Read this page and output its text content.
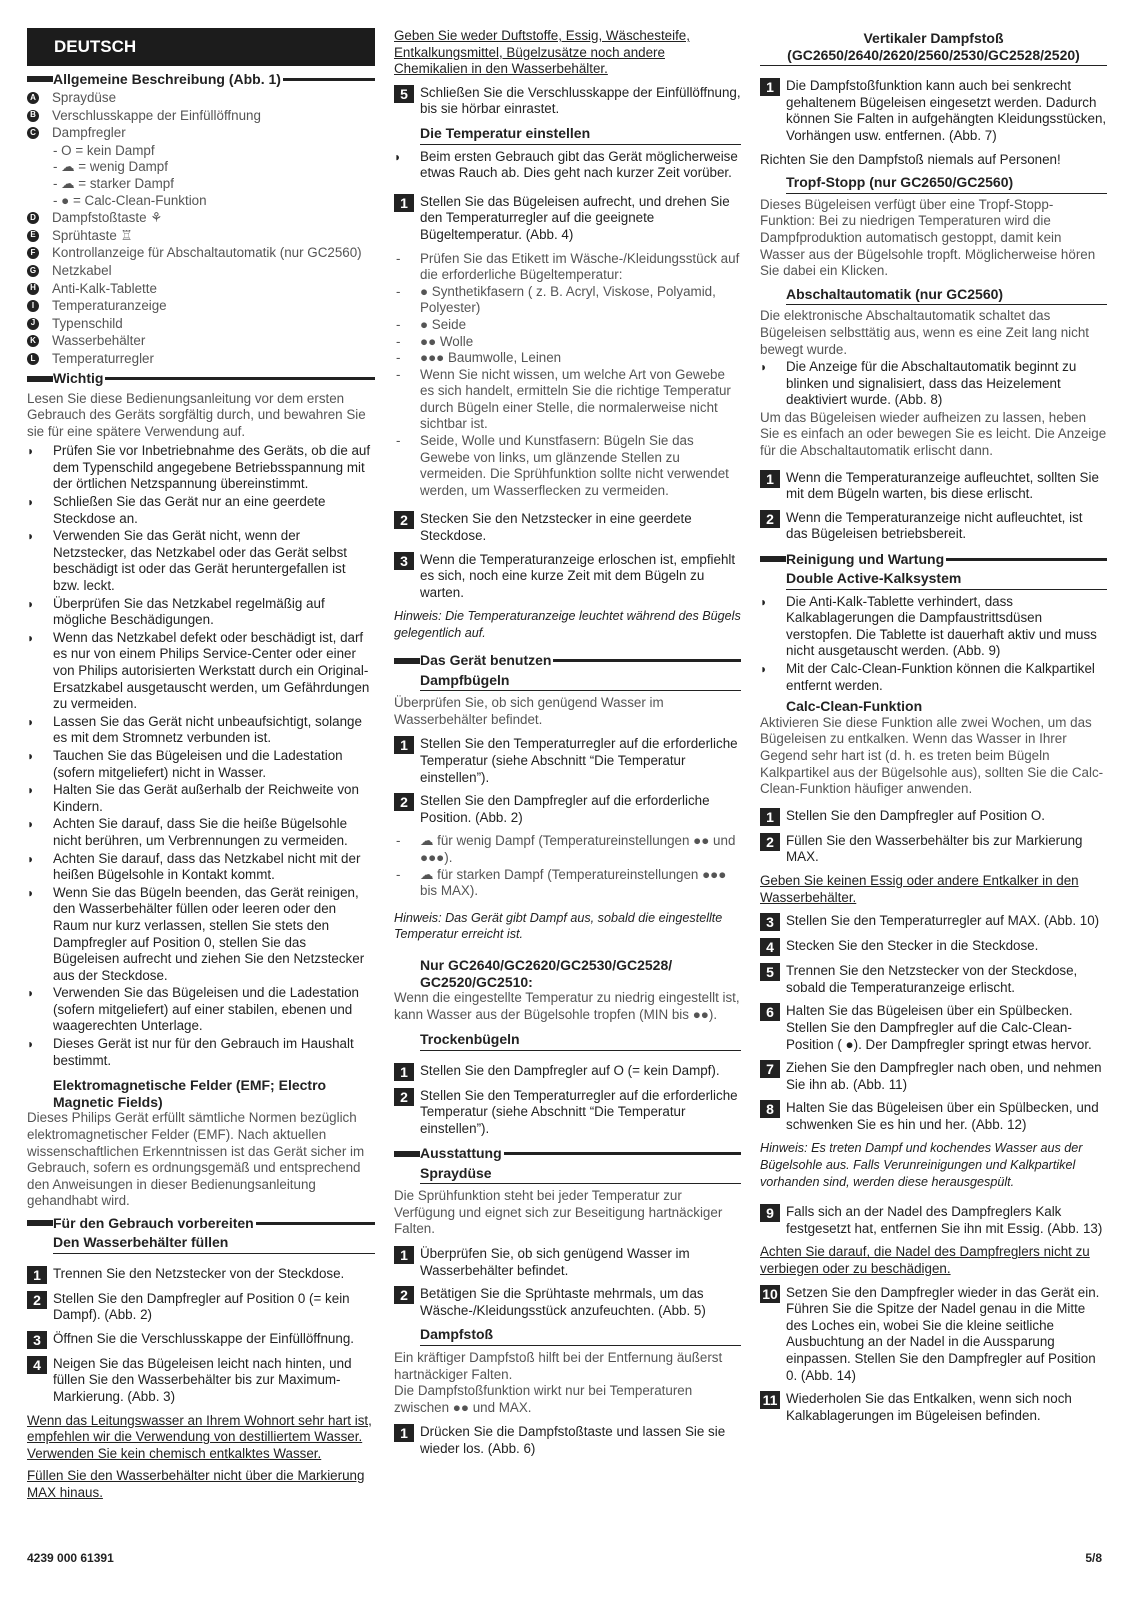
DEUTSCH
Allgemeine Beschreibung (Abb. 1)
A Spraydüse
B Verschlusskappe der Einfüllöffnung
C Dampfregler
- O = kein Dampf
- ☁ = wenig Dampf
- ☁ = starker Dampf
- ● = Calc-Clean-Funktion
D Dampfstoßtaste ⚘
E Sprühtaste ♖
F Kontrollanzeige für Abschaltautomatik (nur GC2560)
G Netzkabel
H Anti-Kalk-Tablette
I	Temperaturanzeige
J Typenschild
K Wasserbehälter
L Temperaturregler
Wichtig
Lesen Sie diese Bedienungsanleitung vor dem ersten Gebrauch des Geräts sorgfältig durch, und bewahren Sie sie für eine spätere Verwendung auf.
◗	Prüfen Sie vor Inbetriebnahme des Geräts, ob die auf dem Typenschild angegebene Betriebsspannung mit der örtlichen Netzspannung übereinstimmt.
◗	Schließen Sie das Gerät nur an eine geerdete Steckdose an.
◗	Verwenden Sie das Gerät nicht, wenn der Netzstecker, das Netzkabel oder das Gerät selbst beschädigt ist oder das Gerät heruntergefallen ist bzw. leckt.
◗	Überprüfen Sie das Netzkabel regelmäßig auf mögliche Beschädigungen.
◗	Wenn das Netzkabel defekt oder beschädigt ist, darf es nur von einem Philips Service-Center oder einer von Philips autorisierten Werkstatt durch ein Original-Ersatzkabel ausgetauscht werden, um Gefährdungen zu vermeiden.
◗	Lassen Sie das Gerät nicht unbeaufsichtigt, solange es mit dem Stromnetz verbunden ist.
◗	Tauchen Sie das Bügeleisen und die Ladestation (sofern mitgeliefert) nicht in Wasser.
◗	Halten Sie das Gerät außerhalb der Reichweite von Kindern.
◗	Achten Sie darauf, dass Sie die heiße Bügelsohle nicht berühren, um Verbrennungen zu vermeiden.
◗	Achten Sie darauf, dass das Netzkabel nicht mit der heißen Bügelsohle in Kontakt kommt.
◗	Wenn Sie das Bügeln beenden, das Gerät reinigen, den Wasserbehälter füllen oder leeren oder den Raum nur kurz verlassen, stellen Sie stets den Dampfregler auf Position 0, stellen Sie das Bügeleisen aufrecht und ziehen Sie den Netzstecker aus der Steckdose.
◗	Verwenden Sie das Bügeleisen und die Ladestation (sofern mitgeliefert) auf einer stabilen, ebenen und waagerechten Unterlage.
◗	Dieses Gerät ist nur für den Gebrauch im Haushalt bestimmt.
Elektromagnetische Felder (EMF; Electro Magnetic Fields)
Dieses Philips Gerät erfüllt sämtliche Normen bezüglich elektromagnetischer Felder (EMF). Nach aktuellen wissenschaftlichen Erkenntnissen ist das Gerät sicher im Gebrauch, sofern es ordnungsgemäß und entsprechend den Anweisungen in dieser Bedienungsanleitung gehandhabt wird.
Für den Gebrauch vorbereiten
Den Wasserbehälter füllen
1 Trennen Sie den Netzstecker von der Steckdose.
2 Stellen Sie den Dampfregler auf Position 0 (= kein Dampf). (Abb. 2)
3 Öffnen Sie die Verschlusskappe der Einfüllöffnung.
4 Neigen Sie das Bügeleisen leicht nach hinten, und füllen Sie den Wasserbehälter bis zur Maximum-Markierung. (Abb. 3)
Wenn das Leitungswasser an Ihrem Wohnort sehr hart ist, empfehlen wir die Verwendung von destilliertem Wasser. Verwenden Sie kein chemisch entkalktes Wasser.
Füllen Sie den Wasserbehälter nicht über die Markierung MAX hinaus.
Geben Sie weder Duftstoffe, Essig, Wäschesteife, Entkalkungsmittel, Bügelzusätze noch andere Chemikalien in den Wasserbehälter.
5 Schließen Sie die Verschlusskappe der Einfüllöffnung, bis sie hörbar einrastet.
Die Temperatur einstellen
◗	Beim ersten Gebrauch gibt das Gerät möglicherweise etwas Rauch ab. Dies geht nach kurzer Zeit vorüber.
1 Stellen Sie das Bügeleisen aufrecht, und drehen Sie den Temperaturregler auf die geeignete Bügeltemperatur. (Abb. 4)
-	Prüfen Sie das Etikett im Wäsche-/Kleidungsstück auf die erforderliche Bügeltemperatur:
-	● Synthetikfasern ( z. B. Acryl, Viskose, Polyamid, Polyester)
-	● Seide
-	●● Wolle
-	●●● Baumwolle, Leinen
-	Wenn Sie nicht wissen, um welche Art von Gewebe es sich handelt, ermitteln Sie die richtige Temperatur durch Bügeln einer Stelle, die normalerweise nicht sichtbar ist.
-	Seide, Wolle und Kunstfasern: Bügeln Sie das Gewebe von links, um glänzende Stellen zu vermeiden. Die Sprühfunktion sollte nicht verwendet werden, um Wasserflecken zu vermeiden.
2 Stecken Sie den Netzstecker in eine geerdete Steckdose.
3 Wenn die Temperaturanzeige erloschen ist, empfiehlt es sich, noch eine kurze Zeit mit dem Bügeln zu warten.
Hinweis: Die Temperaturanzeige leuchtet während des Bügels gelegentlich auf.
Das Gerät benutzen
Dampfbügeln
Überprüfen Sie, ob sich genügend Wasser im Wasserbehälter befindet.
1 Stellen Sie den Temperaturregler auf die erforderliche Temperatur (siehe Abschnitt “Die Temperatur einstellen”).
2 Stellen Sie den Dampfregler auf die erforderliche Position. (Abb. 2)
-	☁ für wenig Dampf (Temperatureinstellungen ●● und ●●●).
-	☁ für starken Dampf (Temperatureinstellungen ●●● bis MAX).
Hinweis: Das Gerät gibt Dampf aus, sobald die eingestellte Temperatur erreicht ist.
Nur GC2640/GC2620/GC2530/GC2528/ GC2520/GC2510:
Wenn die eingestellte Temperatur zu niedrig eingestellt ist, kann Wasser aus der Bügelsohle tropfen (MIN bis ●●).
Trockenbügeln
1 Stellen Sie den Dampfregler auf O (= kein Dampf).
2 Stellen Sie den Temperaturregler auf die erforderliche Temperatur (siehe Abschnitt “Die Temperatur einstellen”).
Ausstattung
Spraydüse
Die Sprühfunktion steht bei jeder Temperatur zur Verfügung und eignet sich zur Beseitigung hartnäckiger Falten.
1 Überprüfen Sie, ob sich genügend Wasser im Wasserbehälter befindet.
2 Betätigen Sie die Sprühtaste mehrmals, um das Wäsche-/Kleidungsstück anzufeuchten. (Abb. 5)
Dampfstoß
Ein kräftiger Dampfstoß hilft bei der Entfernung äußerst hartnäckiger Falten.
Die Dampfstoßfunktion wirkt nur bei Temperaturen zwischen ●● und MAX.
1 Drücken Sie die Dampfstoßtaste und lassen Sie sie wieder los. (Abb. 6)
Vertikaler Dampfstoß (GC2650/2640/2620/2560/2530/GC2528/2520)
1 Die Dampfstoßfunktion kann auch bei senkrecht gehaltenem Bügeleisen eingesetzt werden. Dadurch können Sie Falten in aufgehängten Kleidungsstücken, Vorhängen usw. entfernen. (Abb. 7)
Richten Sie den Dampfstoß niemals auf Personen!
Tropf-Stopp (nur GC2650/GC2560)
Dieses Bügeleisen verfügt über eine Tropf-Stopp-Funktion: Bei zu niedrigen Temperaturen wird die Dampfproduktion automatisch gestoppt, damit kein Wasser aus der Bügelsohle tropft. Möglicherweise hören Sie dabei ein Klicken.
Abschaltautomatik (nur GC2560)
Die elektronische Abschaltautomatik schaltet das Bügeleisen selbsttätig aus, wenn es eine Zeit lang nicht bewegt wurde.
◗	Die Anzeige für die Abschaltautomatik beginnt zu blinken und signalisiert, dass das Heizelement deaktiviert wurde. (Abb. 8)
Um das Bügeleisen wieder aufheizen zu lassen, heben Sie es einfach an oder bewegen Sie es leicht. Die Anzeige für die Abschaltautomatik erlischt dann.
1 Wenn die Temperaturanzeige aufleuchtet, sollten Sie mit dem Bügeln warten, bis diese erlischt.
2 Wenn die Temperaturanzeige nicht aufleuchtet, ist das Bügeleisen betriebsbereit.
Reinigung und Wartung
Double Active-Kalksystem
◗	Die Anti-Kalk-Tablette verhindert, dass Kalkablagerungen die Dampfaustrittsdüsen verstopfen. Die Tablette ist dauerhaft aktiv und muss nicht ausgetauscht werden. (Abb. 9)
◗	Mit der Calc-Clean-Funktion können die Kalkpartikel entfernt werden.
Calc-Clean-Funktion
Aktivieren Sie diese Funktion alle zwei Wochen, um das Bügeleisen zu entkalken. Wenn das Wasser in Ihrer Gegend sehr hart ist (d. h. es treten beim Bügeln Kalkpartikel aus der Bügelsohle aus), sollten Sie die Calc-Clean-Funktion häufiger anwenden.
1 Stellen Sie den Dampfregler auf Position O.
2 Füllen Sie den Wasserbehälter bis zur Markierung MAX.
Geben Sie keinen Essig oder andere Entkalker in den Wasserbehälter.
3 Stellen Sie den Temperaturregler auf MAX. (Abb. 10)
4 Stecken Sie den Stecker in die Steckdose.
5 Trennen Sie den Netzstecker von der Steckdose, sobald die Temperaturanzeige erlischt.
6 Halten Sie das Bügeleisen über ein Spülbecken. Stellen Sie den Dampfregler auf die Calc-Clean-Position ( ●). Der Dampfregler springt etwas hervor.
7 Ziehen Sie den Dampfregler nach oben, und nehmen Sie ihn ab. (Abb. 11)
8 Halten Sie das Bügeleisen über ein Spülbecken, und schwenken Sie es hin und her. (Abb. 12)
Hinweis: Es treten Dampf und kochendes Wasser aus der Bügelsohle aus. Falls Verunreinigungen und Kalkpartikel vorhanden sind, werden diese herausgespült.
9 Falls sich an der Nadel des Dampfreglers Kalk festgesetzt hat, entfernen Sie ihn mit Essig. (Abb. 13)
Achten Sie darauf, die Nadel des Dampfreglers nicht zu verbiegen oder zu beschädigen.
10 Setzen Sie den Dampfregler wieder in das Gerät ein. Führen Sie die Spitze der Nadel genau in die Mitte des Loches ein, wobei Sie die kleine seitliche Ausbuchtung an der Nadel in die Aussparung einpassen. Stellen Sie den Dampfregler auf Position 0. (Abb. 14)
11 Wiederholen Sie das Entkalken, wenn sich noch Kalkablagerungen im Bügeleisen befinden.
4239 000 61391	5/8
